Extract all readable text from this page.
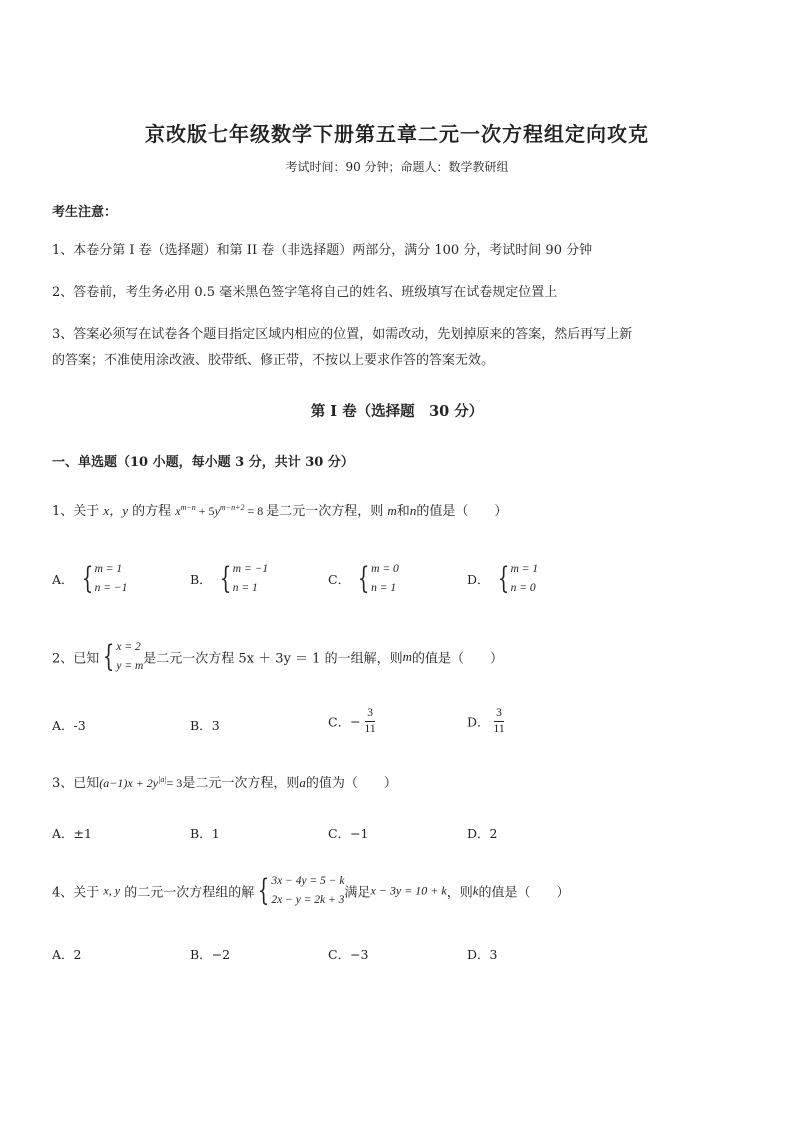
京改版七年级数学下册第五章二元一次方程组定向攻克
考试时间：90 分钟；命题人：数学教研组
考生注意：
1、本卷分第 I 卷（选择题）和第 II 卷（非选择题）两部分，满分 100 分，考试时间 90 分钟
2、答卷前，考生务必用 0.5 毫米黑色签字笔将自己的姓名、班级填写在试卷规定位置上
3、答案必须写在试卷各个题目指定区域内相应的位置，如需改动，先划掉原来的答案，然后再写上新
的答案；不准使用涂改液、胶带纸、修正带，不按以上要求作答的答案无效。
第 I 卷（选择题　30 分）
一、单选题（10 小题，每小题 3 分，共计 30 分）
1、关于 x，y 的方程 $x^{m-n} + 5y^{m-n+2} = 8$ 是二元一次方程，则 m和n的值是（　　）
A． { m = 1
n = −1
B． { m = −1
n = 1
C． { m = 0
n = 1
D． { m = 1
n = 0
2、已知 { x = 2
y = m 是二元一次方程 5x ＋ 3y ＝ 1 的一组解，则m的值是（　　）
A．-3	B．3	C．− $\frac{3}{11}$	D． $\frac{3}{11}$
3、已知$(a-1)x + 2y^{|a|}= 3$是二元一次方程，则a的值为（　　）
A．±1	B．1	C．−1	D．2
4、关于 x, y 的二元一次方程组的解 { 3x − 4y = 5 − k
2x − y = 2k + 3 满足x − 3y = 10 + k，则k的值是（　　）
A．2	B．−2	C．−3	D．3
